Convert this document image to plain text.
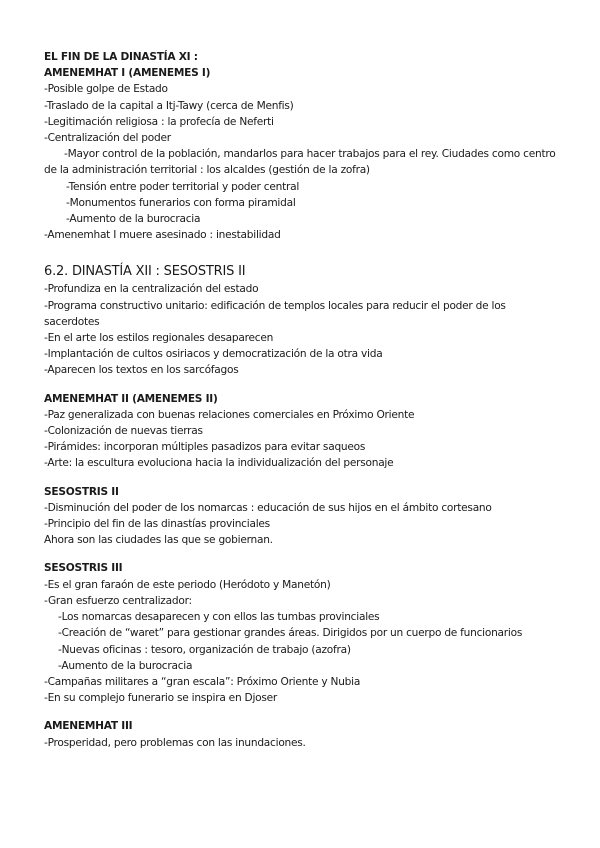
EL FIN DE LA DINASTÍA XI :

AMENEMHAT I (AMENEMES I)

-Posible golpe de Estado

-Traslado de la capital a Itj-Tawy (cerca de Menfis)

-Legitimación religiosa : la profecía de Neferti

-Centralización del poder

-Mayor control de la población, mandarlos para hacer trabajos para el rey. Ciudades como centro de la administración territorial : los alcaldes (gestión de la zofra)

-Tensión entre poder territorial y poder central

-Monumentos funerarios con forma piramidal

-Aumento de la burocracia

-Amenemhat I muere asesinado : inestabilidad

6.2. DINASTÍA XII : SESOSTRIS II

-Profundiza en la centralización del estado

-Programa constructivo unitario: edificación de templos locales para reducir el poder de los sacerdotes

-En el arte los estilos regionales desaparecen

-Implantación de cultos osiriacos y democratización de la otra vida

-Aparecen los textos en los sarcófagos

AMENEMHAT II (AMENEMES II)

-Paz generalizada con buenas relaciones comerciales en Próximo Oriente

-Colonización de nuevas tierras

-Pirámides: incorporan múltiples pasadizos para evitar saqueos

-Arte: la escultura evoluciona hacia la individualización del personaje

SESOSTRIS II

-Disminución del poder de los nomarcas : educación de sus hijos en el ámbito cortesano

-Principio del fin de las dinastías provinciales

Ahora son las ciudades las que se gobiernan.

SESOSTRIS III

-Es el gran faraón de este periodo (Heródoto y Manetón)

-Gran esfuerzo centralizador:

-Los nomarcas desaparecen y con ellos las tumbas provinciales

-Creación de “waret” para gestionar grandes áreas. Dirigidos por un cuerpo de funcionarios

-Nuevas oficinas : tesoro, organización de trabajo (azofra)

-Aumento de la burocracia

-Campañas militares a “gran escala”: Próximo Oriente y Nubia

-En su complejo funerario se inspira en Djoser

AMENEMHAT III

-Prosperidad, pero problemas con las inundaciones.
